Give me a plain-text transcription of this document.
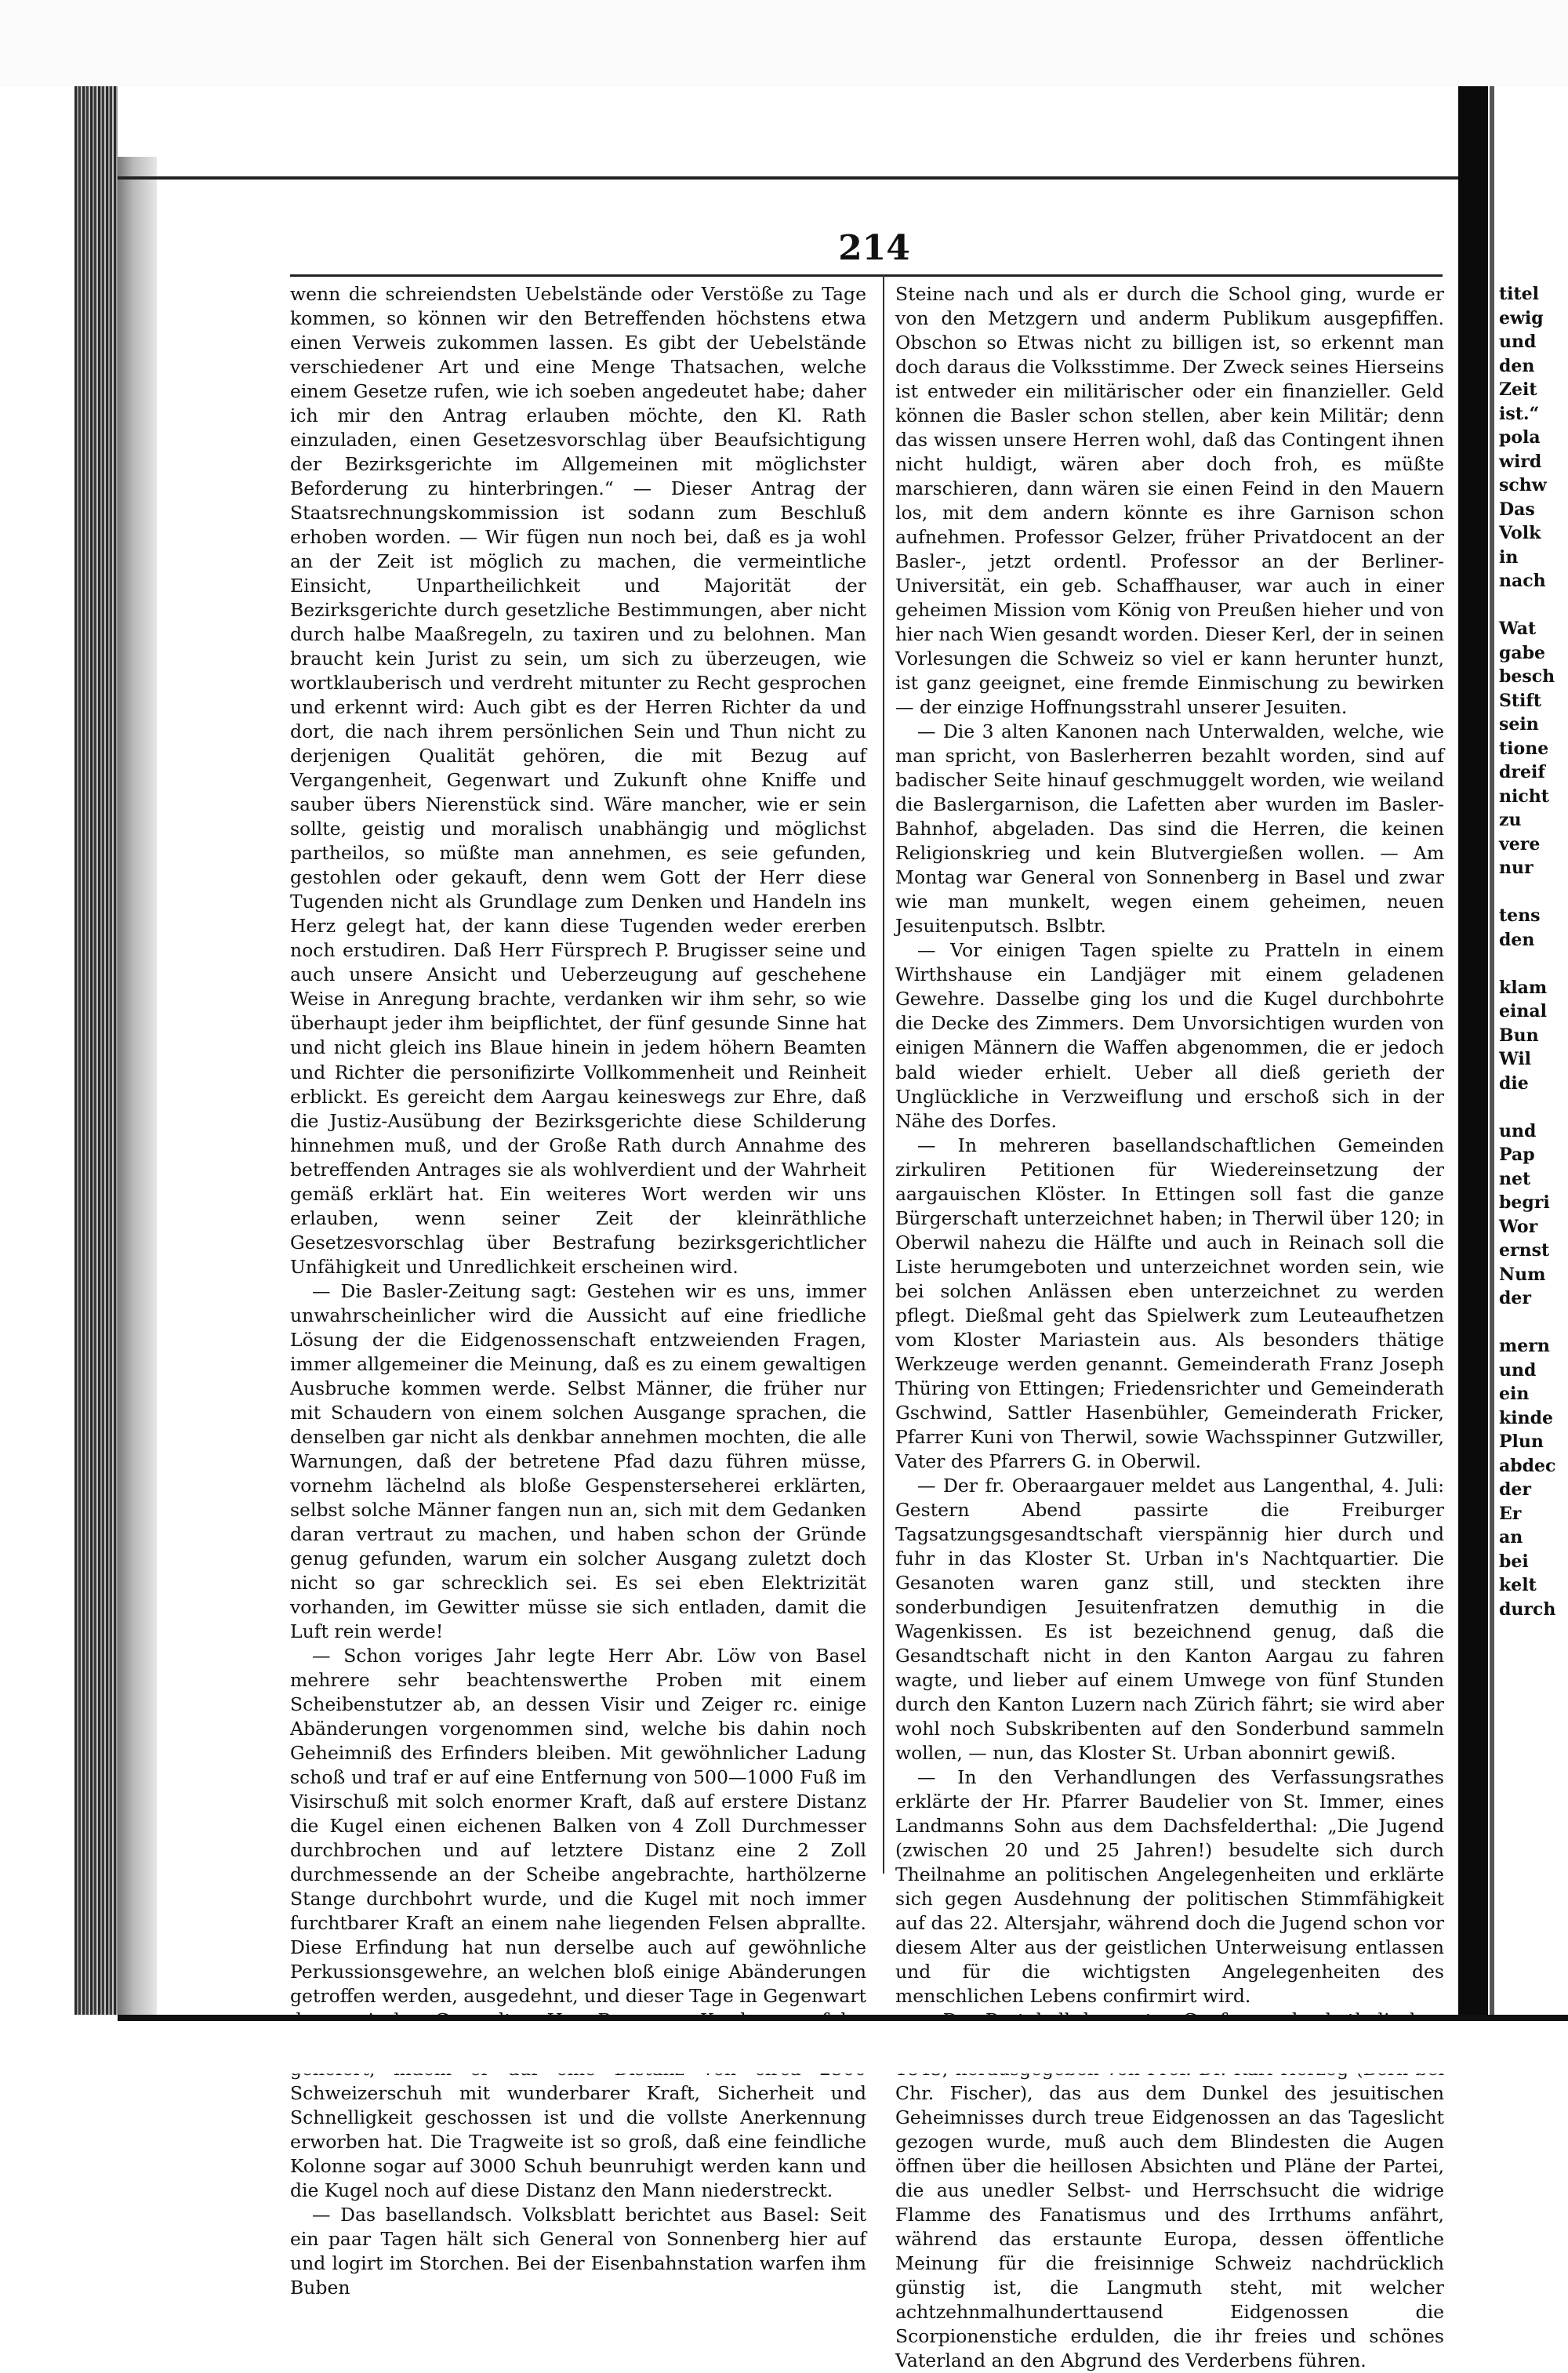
214

wenn die schreiendsten Uebelstände oder Verstöße zu Tage kommen, so können wir den Betreffenden höchstens etwa einen Verweis zukommen lassen. Es gibt der Uebelstände verschiedener Art und eine Menge Thatsachen, welche einem Gesetze rufen, wie ich soeben angedeutet habe; daher ich mir den Antrag erlauben möchte, den Kl. Rath einzuladen, einen Gesetzesvorschlag über Beaufsichtigung der Bezirksgerichte im Allgemeinen mit möglichster Beforderung zu hinterbringen.“ — Dieser Antrag der Staatsrechnungskommission ist sodann zum Beschluß erhoben worden. — Wir fügen nun noch bei, daß es ja wohl an der Zeit ist möglich zu machen, die vermeintliche Einsicht, Unpartheilichkeit und Majorität der Bezirksgerichte durch gesetzliche Bestimmungen, aber nicht durch halbe Maaßregeln, zu taxiren und zu belohnen. Man braucht kein Jurist zu sein, um sich zu überzeugen, wie wortklauberisch und verdreht mitunter zu Recht gesprochen und erkennt wird: Auch gibt es der Herren Richter da und dort, die nach ihrem persönlichen Sein und Thun nicht zu derjenigen Qualität gehören, die mit Bezug auf Vergangenheit, Gegenwart und Zukunft ohne Kniffe und sauber übers Nierenstück sind. Wäre mancher, wie er sein sollte, geistig und moralisch unabhängig und möglichst partheilos, so müßte man annehmen, es seie gefunden, gestohlen oder gekauft, denn wem Gott der Herr diese Tugenden nicht als Grundlage zum Denken und Handeln ins Herz gelegt hat, der kann diese Tugenden weder ererben noch erstudiren. Daß Herr Fürsprech P. Brugisser seine und auch unsere Ansicht und Ueberzeugung auf geschehene Weise in Anregung brachte, verdanken wir ihm sehr, so wie überhaupt jeder ihm beipflichtet, der fünf gesunde Sinne hat und nicht gleich ins Blaue hinein in jedem höhern Beamten und Richter die personifizirte Vollkommenheit und Reinheit erblickt. Es gereicht dem Aargau keineswegs zur Ehre, daß die Justiz-Ausübung der Bezirksgerichte diese Schilderung hinnehmen muß, und der Große Rath durch Annahme des betreffenden Antrages sie als wohlverdient und der Wahrheit gemäß erklärt hat. Ein weiteres Wort werden wir uns erlauben, wenn seiner Zeit der kleinräthliche Gesetzesvorschlag über Bestrafung bezirksgerichtlicher Unfähigkeit und Unredlichkeit erscheinen wird.

— Die Basler-Zeitung sagt: Gestehen wir es uns, immer unwahrscheinlicher wird die Aussicht auf eine friedliche Lösung der die Eidgenossenschaft entzweienden Fragen, immer allgemeiner die Meinung, daß es zu einem gewaltigen Ausbruche kommen werde. Selbst Männer, die früher nur mit Schaudern von einem solchen Ausgange sprachen, die denselben gar nicht als denkbar annehmen mochten, die alle Warnungen, daß der betretene Pfad dazu führen müsse, vornehm lächelnd als bloße Gespensterseherei erklärten, selbst solche Männer fangen nun an, sich mit dem Gedanken daran vertraut zu machen, und haben schon der Gründe genug gefunden, warum ein solcher Ausgang zuletzt doch nicht so gar schrecklich sei. Es sei eben Elektrizität vorhanden, im Gewitter müsse sie sich entladen, damit die Luft rein werde!

— Schon voriges Jahr legte Herr Abr. Löw von Basel mehrere sehr beachtenswerthe Proben mit einem Scheibenstutzer ab, an dessen Visir und Zeiger rc. einige Abänderungen vorgenommen sind, welche bis dahin noch Geheimniß des Erfinders bleiben. Mit gewöhnlicher Ladung schoß und traf er auf eine Entfernung von 500—1000 Fuß im Visirschuß mit solch enormer Kraft, daß auf erstere Distanz die Kugel einen eichenen Balken von 4 Zoll Durchmesser durchbrochen und auf letztere Distanz eine 2 Zoll durchmessende an der Scheibe angebrachte, harthölzerne Stange durchbohrt wurde, und die Kugel mit noch immer furchtbarer Kraft an einem nahe liegenden Felsen abprallte. Diese Erfindung hat nun derselbe auch auf gewöhnliche Perkussionsgewehre, an welchen bloß einige Abänderungen getroffen werden, ausgedehnt, und dieser Tage in Gegenwart Schweizerschuh mit wunderbarer Kraft, Sicherheit und Schnelligkeit geschossen ist und die vollste Anerkennung erworben hat. Die Tragweite ist so groß, daß eine feindliche Kolonne sogar auf 3000 Schuh beunruhigt werden kann und die Kugel noch auf diese Distanz den Mann niederstreckt.

— Das basellandsch. Volksblatt berichtet aus Basel: Seit ein paar Tagen hält sich General von Sonnenberg hier auf und logirt im Storchen. Bei der Eisenbahnstation warfen ihm Buben

Steine nach und als er durch die School ging, wurde er von den Metzgern und anderm Publikum ausgepfiffen. Obschon so Etwas nicht zu billigen ist, so erkennt man doch daraus die Volksstimme. Der Zweck seines Hierseins ist entweder ein militärischer oder ein finanzieller. Geld können die Basler schon stellen, aber kein Militär; denn das wissen unsere Herren wohl, daß das Contingent ihnen nicht huldigt, wären aber doch froh, es müßte marschieren, dann wären sie einen Feind in den Mauern los, mit dem andern könnte es ihre Garnison schon aufnehmen. Professor Gelzer, früher Privatdocent an der Basler-, jetzt ordentl. Professor an der Berliner-Universität, ein geb. Schaffhauser, war auch in einer geheimen Mission vom König von Preußen hieher und von hier nach Wien gesandt worden. Dieser Kerl, der in seinen Vorlesungen die Schweiz so viel er kann herunter hunzt, ist ganz geeignet, eine fremde Einmischung zu bewirken — der einzige Hoffnungsstrahl unserer Jesuiten.

— Die 3 alten Kanonen nach Unterwalden, welche, wie man spricht, von Baslerherren bezahlt worden, sind auf badischer Seite hinauf geschmuggelt worden, wie weiland die Baslergarnison, die Lafetten aber wurden im Basler-Bahnhof, abgeladen. Das sind die Herren, die keinen Religionskrieg und kein Blutvergießen wollen. — Am Montag war General von Sonnenberg in Basel und zwar wie man munkelt, wegen einem geheimen, neuen Jesuitenputsch. Bslbtr.

— Vor einigen Tagen spielte zu Pratteln in einem Wirthshause ein Landjäger mit einem geladenen Gewehre. Dasselbe ging los und die Kugel durchbohrte die Decke des Zimmers. Dem Unvorsichtigen wurden von einigen Männern die Waffen abgenommen, die er jedoch bald wieder erhielt. Ueber all dieß gerieth der Unglückliche in Verzweiflung und erschoß sich in der Nähe des Dorfes.

— In mehreren basellandschaftlichen Gemeinden zirkuliren Petitionen für Wiedereinsetzung der aargauischen Klöster. In Ettingen soll fast die ganze Bürgerschaft unterzeichnet haben; in Therwil über 120; in Oberwil nahezu die Hälfte und auch in Reinach soll die Liste herumgeboten und unterzeichnet worden sein, wie bei solchen Anlässen eben unterzeichnet zu werden pflegt. Dießmal geht das Spielwerk zum Leuteaufhetzen vom Kloster Mariastein aus. Als besonders thätige Werkzeuge werden genannt. Gemeinderath Franz Joseph Thüring von Ettingen; Friedensrichter und Gemeinderath Gschwind, Sattler Hasenbühler, Gemeinderath Fricker, Pfarrer Kuni von Therwil, sowie Wachsspinner Gutzwiller, Vater des Pfarrers G. in Oberwil.

— Der fr. Oberaargauer meldet aus Langenthal, 4. Juli: Gestern Abend passirte die Freiburger Tagsatzungsgesandtschaft vierspännig hier durch und fuhr in das Kloster St. Urban in's Nachtquartier. Die Gesanoten waren ganz still, und steckten ihre sonderbundigen Jesuitenfratzen demuthig in die Wagenkissen. Es ist bezeichnend genug, daß die Gesandtschaft nicht in den Kanton Aargau zu fahren wagte, und lieber auf einem Umwege von fünf Stunden durch den Kanton Luzern nach Zürich fährt; sie wird aber wohl noch Subskribenten auf den Sonderbund sammeln wollen, — nun, das Kloster St. Urban abonnirt gewiß.

— In den Verhandlungen des Verfassungsrathes erklärte der Hr. Pfarrer Baudelier von St. Immer, eines Landmanns Sohn aus dem Dachsfelderthal: „Die Jugend (zwischen 20 und 25 Jahren!) besudelte sich durch Theilnahme an politischen Angelegenheiten und erklärte sich gegen Ausdehnung der politischen Stimmfähigkeit auf das 22. Altersjahr, während doch die Jugend schon vor diesem Alter aus der geistlichen Unterweisung entlassen und für die wichtigsten Angelegenheiten des menschlichen Lebens confirmirt wird.

Chr. Fischer), das aus dem Dunkel des jesuitischen Geheimnisses durch treue Eidgenossen an das Tageslicht gezogen wurde, muß auch dem Blindesten die Augen öffnen über die heillosen Absichten und Pläne der Partei, die aus unedler Selbst- und Herrschsucht die widrige Flamme des Fanatismus und des Irrthums anfährt, während das erstaunte Europa, dessen öffentliche Meinung für die freisinnige Schweiz nachdrücklich günstig ist, die Langmuth steht, mit welcher achtzehnmalhunderttausend Eidgenossen die Scorpionenstiche erdulden, die ihr freies und schönes Vaterland an den Abgrund des Verderbens führen.

titel
ewig
und
den
Zeit
ist.“
pola
wird
schw
Das
Volk
in
nach

Wat
gabe
besch
Stift
sein
tione
dreif
nicht
zu
vere
nur

tens
den

klam
einal
Bun
Wil
die

und
Pap
net
begri
Wor
ernst
Num
der

mern
und
ein
kinde
Plun
abdec
der
Er
an
bei
kelt
durch
